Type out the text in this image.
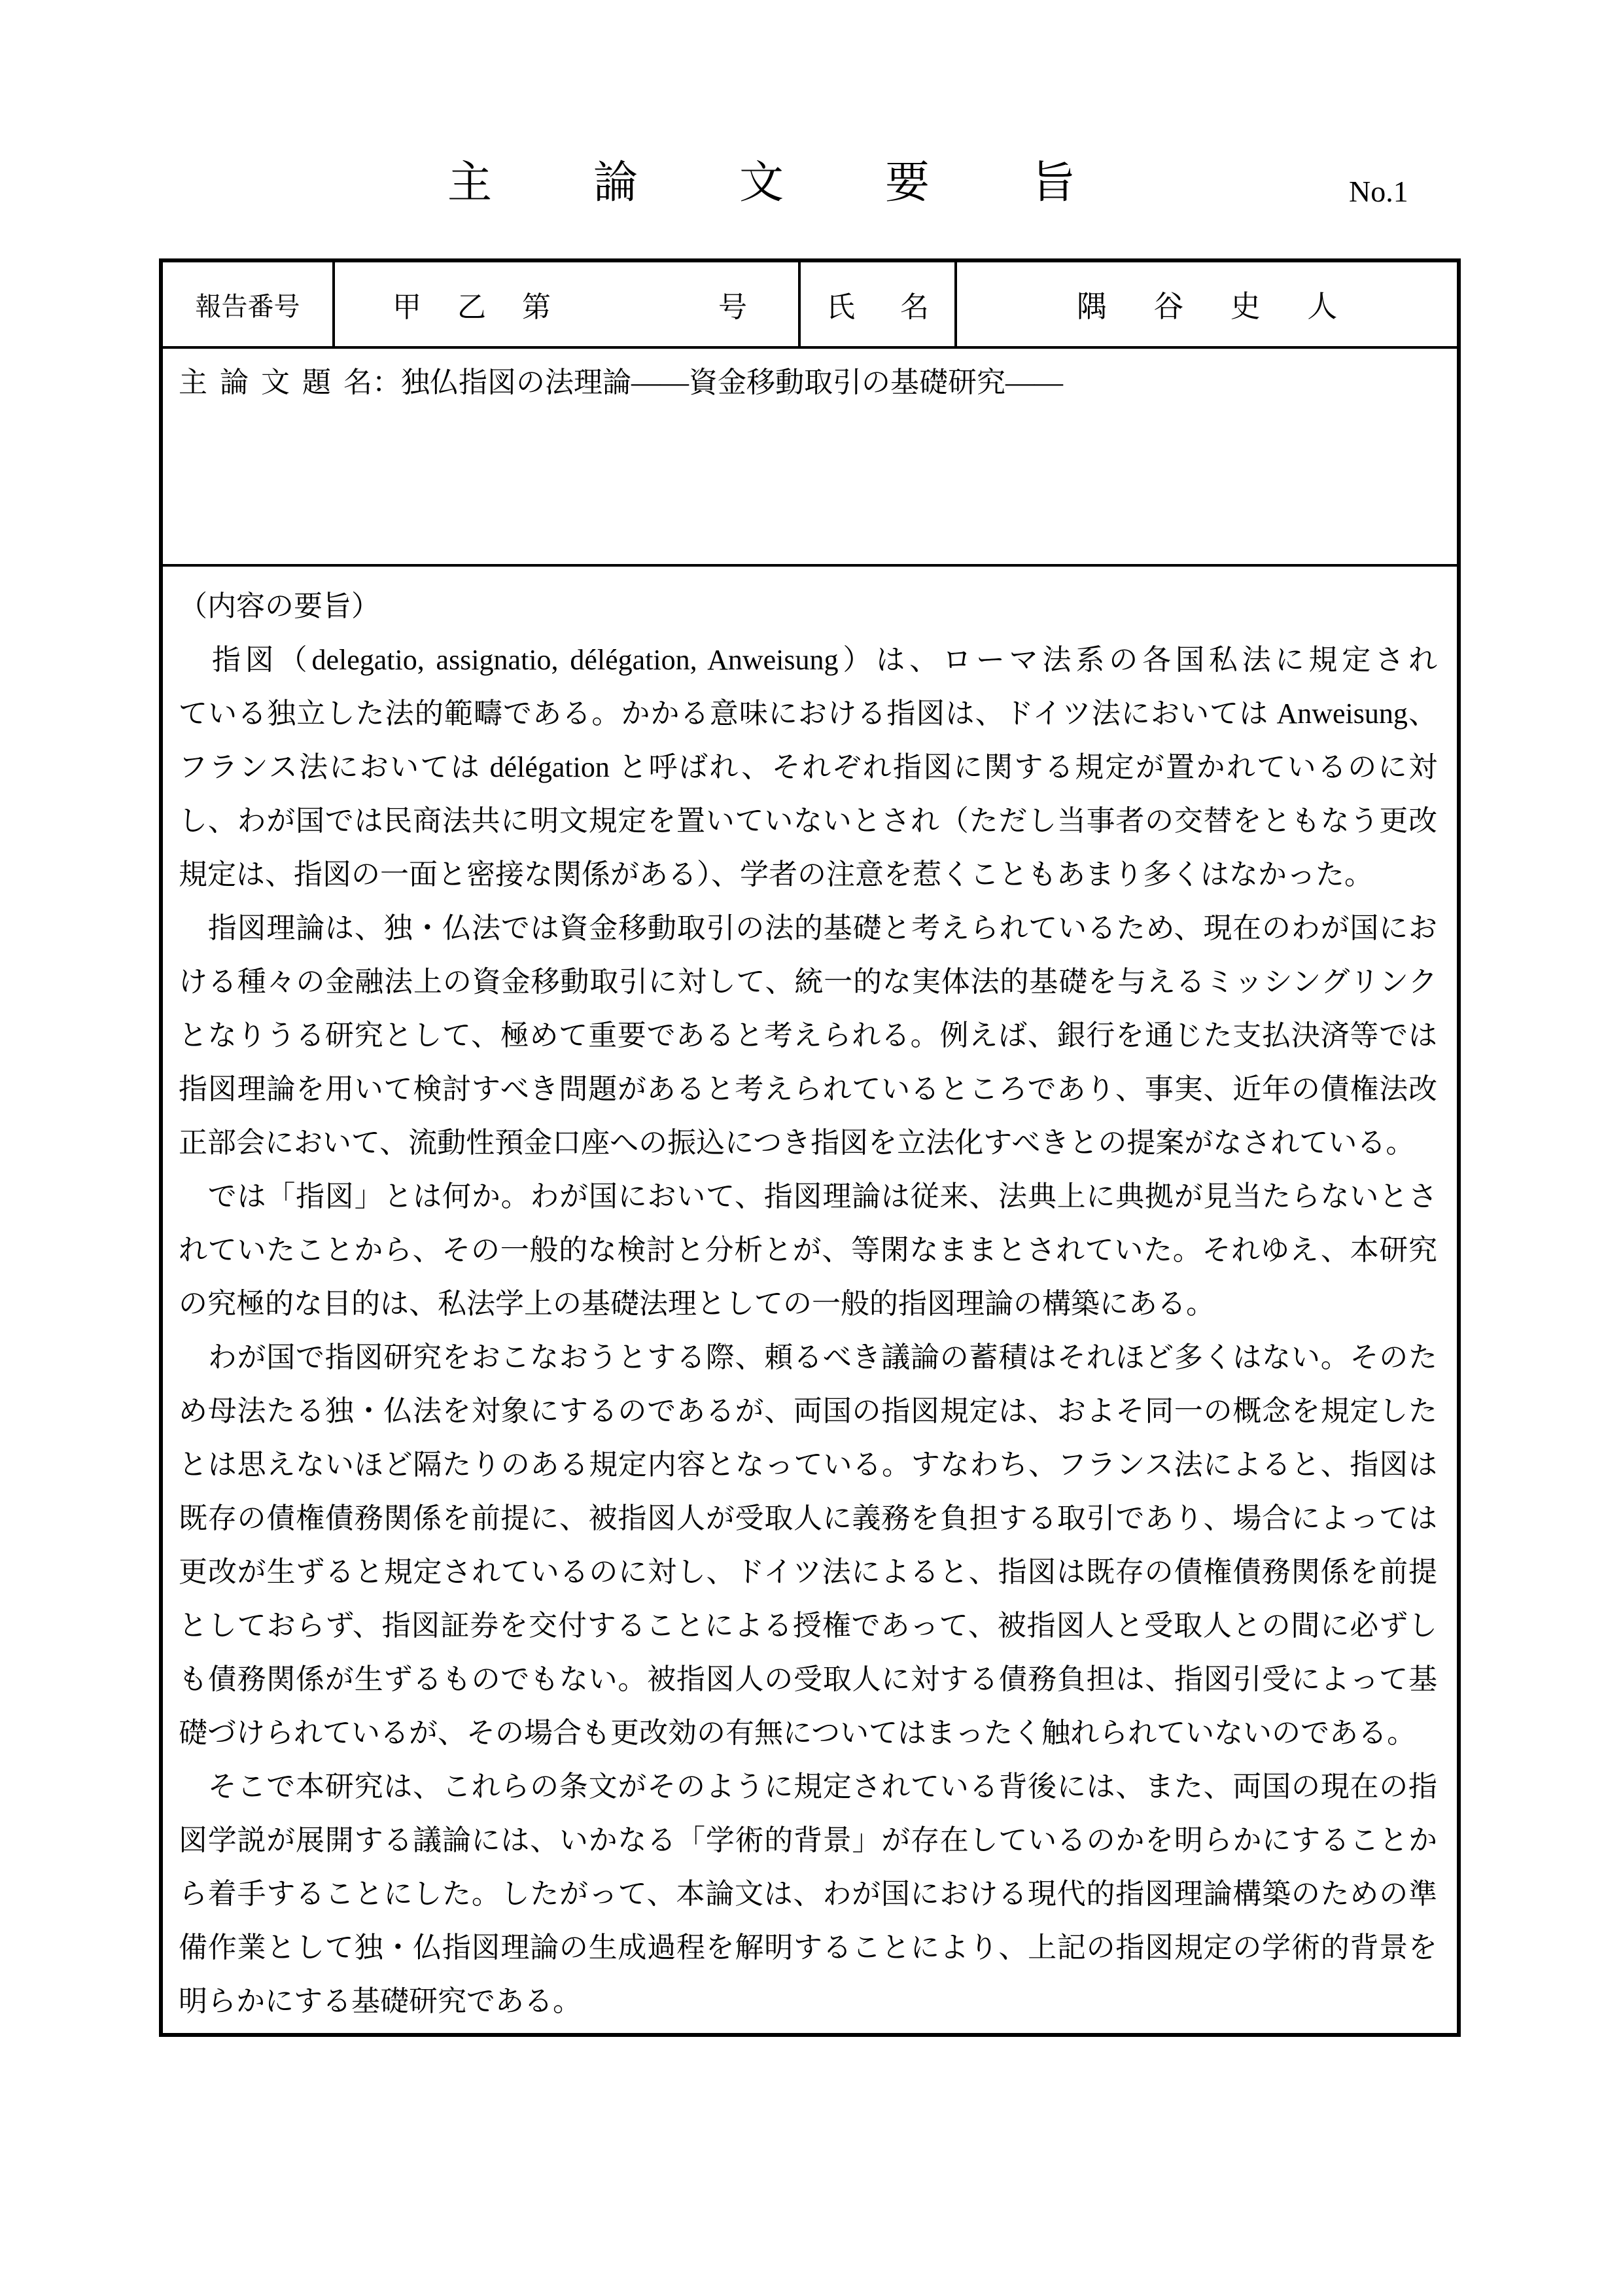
主 論 文 要 旨	No.1
報告番号	甲 乙 第	号	氏 名	隅 谷 史 人
主 論 文 題 名：独仏指図の法理論——資金移動取引の基礎研究——
（内容の要旨）
　指図（delegatio, assignatio, délégation, Anweisung）は、ローマ法系の各国私法に規定され
ている独立した法的範疇である。かかる意味における指図は、ドイツ法においては Anweisung、
フランス法においては délégation と呼ばれ、それぞれ指図に関する規定が置かれているのに対
し、わが国では民商法共に明文規定を置いていないとされ（ただし当事者の交替をともなう更改
規定は、指図の一面と密接な関係がある）、学者の注意を惹くこともあまり多くはなかった。
　指図理論は、独・仏法では資金移動取引の法的基礎と考えられているため、現在のわが国にお
ける種々の金融法上の資金移動取引に対して、統一的な実体法的基礎を与えるミッシングリンク
となりうる研究として、極めて重要であると考えられる。例えば、銀行を通じた支払決済等では
指図理論を用いて検討すべき問題があると考えられているところであり、事実、近年の債権法改
正部会において、流動性預金口座への振込につき指図を立法化すべきとの提案がなされている。
　では「指図」とは何か。わが国において、指図理論は従来、法典上に典拠が見当たらないとさ
れていたことから、その一般的な検討と分析とが、等閑なままとされていた。それゆえ、本研究
の究極的な目的は、私法学上の基礎法理としての一般的指図理論の構築にある。
　わが国で指図研究をおこなおうとする際、頼るべき議論の蓄積はそれほど多くはない。そのた
め母法たる独・仏法を対象にするのであるが、両国の指図規定は、およそ同一の概念を規定した
とは思えないほど隔たりのある規定内容となっている。すなわち、フランス法によると、指図は
既存の債権債務関係を前提に、被指図人が受取人に義務を負担する取引であり、場合によっては
更改が生ずると規定されているのに対し、ドイツ法によると、指図は既存の債権債務関係を前提
としておらず、指図証券を交付することによる授権であって、被指図人と受取人との間に必ずし
も債務関係が生ずるものでもない。被指図人の受取人に対する債務負担は、指図引受によって基
礎づけられているが、その場合も更改効の有無についてはまったく触れられていないのである。
　そこで本研究は、これらの条文がそのように規定されている背後には、また、両国の現在の指
図学説が展開する議論には、いかなる「学術的背景」が存在しているのかを明らかにすることか
ら着手することにした。したがって、本論文は、わが国における現代的指図理論構築のための準
備作業として独・仏指図理論の生成過程を解明することにより、上記の指図規定の学術的背景を
明らかにする基礎研究である。
